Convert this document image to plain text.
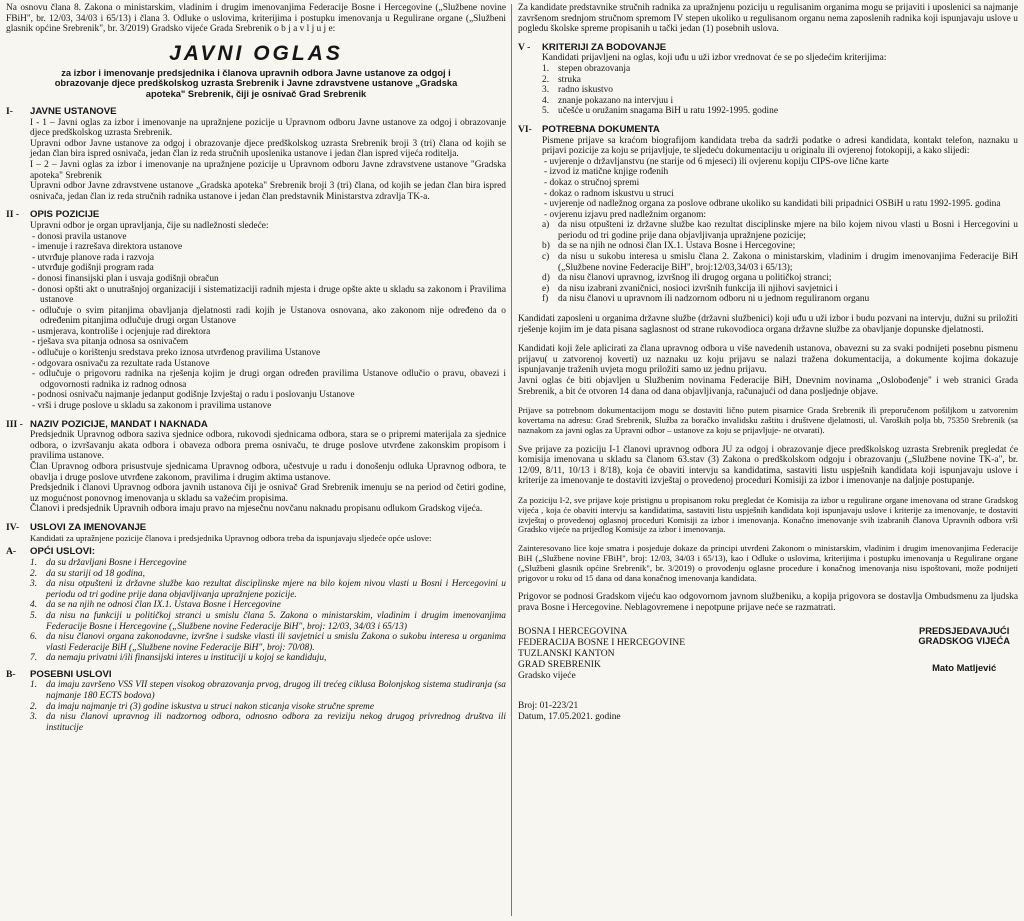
Na osnovu člana 8. Zakona o ministarskim, vladinim i drugim imenovanjima Federacije Bosne i Hercegovine („Službene novine FBiH", br. 12/03, 34/03 i 65/13) i člana 3. Odluke o uslovima, kriterijima i postupku imenovanja u Regulirane organe („Službeni glasnik općine Srebrenik", br. 3/2019) Gradsko vijeće Grada Srebrenik o b j a v l j u j e:

JAVNI OGLAS
za izbor i imenovanje predsjednika i članova upravnih odbora Javne ustanove za odgoj i obrazovanje djece predškolskog uzrasta Srebrenik i Javne zdravstvene ustanove „Gradska apoteka" Srebrenik, čiji je osnivač Grad Srebrenik
I-	JAVNE USTANOVE

I - 1 – Javni oglas za izbor i imenovanje na upražnjene pozicije u Upravnom odboru Javne ustanove za odgoj i obrazovanje djece predškolskog uzrasta Srebrenik.

Upravni odbor Javne ustanove za odgoj i obrazovanje djece predškolskog uzrasta Srebrenik broji 3 (tri) člana od kojih se jedan član bira ispred osnivača, jedan član iz reda stručnih uposlenika ustanove i jedan član ispred vijeća roditelja.

I – 2 – Javni oglas za izbor i imenovanje na upražnjene pozicije u Upravnom odboru Javne zdravstvene ustanove "Gradska apoteka" Srebrenik

Upravni odbor Javne zdravstvene ustanove „Gradska apoteka" Srebrenik broji 3 (tri) člana, od kojih se jedan član bira ispred osnivača, jedan član iz reda stručnih radnika ustanove i jedan član predstavnik Ministarstva zdravlja TK-a.

II -	OPIS POZICIJE

Upravni odbor je organ upravljanja, čije su nadležnosti sledeće:

- donosi pravila ustanove
- imenuje i razrešava direktora ustanove
- utvrđuje planove rada i razvoja
- utvrđuje godišnji program rada
- donosi finansijski plan i usvaja godišnji obračun
- donosi opšti akt o unutrašnjoj organizaciji i sistematizaciji radnih mjesta i druge opšte akte u skladu sa zakonom i Pravilima ustanove
- odlučuje o svim pitanjima obavljanja djelatnosti radi kojih je Ustanova osnovana, ako zakonom nije određeno da o određenim pitanjima odlučuje drugi organ Ustanove
- usmjerava, kontroliše i ocjenjuje rad direktora
- rješava sva pitanja odnosa sa osnivačem
- odlučuje o korištenju sredstava preko iznosa utvrđenog pravilima Ustanove
- odgovara osnivaču za rezultate rada Ustanove
- odlučuje o prigovoru radnika na rješenja kojim je drugi organ određen pravilima Ustanove odlučio o pravu, obavezi i odgovornosti radnika iz radnog odnosa
- podnosi osnivaču najmanje jedanput godišnje Izvještaj o radu i poslovanju Ustanove
- vrši i druge poslove u skladu sa zakonom i pravilima ustanove
III - NAZIV POZICIJE, MANDAT I NAKNADA

Predsjednik Upravnog odbora saziva sjednice odbora, rukovodi sjednicama odbora, stara se o pripremi materijala za sjednice odbora, o izvršavanju akata odbora i obaveza odbora prema osnivaču, te druge poslove utvrđene zakonskim propisom i pravilima ustanove.

Član Upravnog odbora prisustvuje sjednicama Upravnog odbora, učestvuje u radu i donošenju odluka Upravnog odbora, te obavlja i druge poslove utvrđene zakonom, pravilima i drugim aktima ustanove.

Predsjednik i članovi Upravnog odbora javnih ustanova čiji je osnivač Grad Srebrenik imenuju se na period od četiri godine, uz mogućnost ponovnog imenovanja u skladu sa važećim propisima.

Članovi i predsjednik Upravnih odbora imaju pravo na mjesečnu novčanu naknadu propisanu odlukom Gradskog vijeća.

IV-	USLOVI ZA IMENOVANJE

Kandidati za upražnjene pozicije članova i predsjednika Upravnog odbora treba da ispunjavaju sljedeće opće uslove:

A-	OPĆI USLOVI:
1. da su državljani Bosne i Hercegovine
2. da su stariji od 18 godina,
3. da nisu otpušteni iz državne službe kao rezultat disciplinske mjere na bilo kojem nivou vlasti u Bosni i Hercegovini u periodu od tri godine prije dana objavljivanja upražnjene pozicije.
4. da se na njih ne odnosi član IX.1. Ustava Bosne i Hercegovine
5. da nisu na funkciji u političkoj stranci u smislu člana 5. Zakona o ministarskim, vladinim i drugim imenovanjima Federacije Bosne i Hercegovine („Službene novine Federacije BiH", broj: 12/03, 34/03 i 65/13)
6. da nisu članovi organa zakonodavne, izvršne i sudske vlasti ili savjetnici u smislu Zakona o sukobu interesa u organima vlasti Federacije BiH („Službene novine Federacije BiH", broj: 70/08).
7. da nemaju privatni i/ili finansijski interes u instituciji u kojoj se kandiduju,
B-	POSEBNI USLOVI
1. da imaju završeno VSS VII stepen visokog obrazovanja prvog, drugog ili trećeg ciklusa Bolonjskog sistema studiranja (sa najmanje 180 ECTS bodova)
2. da imaju najmanje tri (3) godine iskustva u struci nakon sticanja visoke stručne spreme
3. da nisu članovi upravnog ili nadzornog odbora, odnosno odbora za reviziju nekog drugog privrednog društva ili institucije

Za kandidate predstavnike stručnih radnika za upražnjenu poziciju u regulisanim organima mogu se prijaviti i uposlenici sa najmanje završenom srednjom stručnom spremom IV stepen ukoliko u regulisanom organu nema zaposlenih radnika koji ispunjavaju uslove u pogledu školske spreme propisanih u tački jedan (1) posebnih uslova.

V -	KRITERIJI ZA BODOVANJE

Kandidati prijavljeni na oglas, koji uđu u uži izbor vrednovat će se po sljedećim kriterijima:

1. stepen obrazovanja
2. struka
3. radno iskustvo
4. znanje pokazano na intervjuu i
5. učešće u oružanim snagama BiH u ratu 1992-1995. godine
VI-	POTREBNA DOKUMENTA

Pismene prijave sa kraćom biografijom kandidata treba da sadrži podatke o adresi kandidata, kontakt telefon, naznaku u prijavi pozicije za koju se prijavljuje, te sljedeću dokumentaciju u originalu ili ovjerenoj fotokopiji, a kako slijedi:

- uvjerenje o državljanstvu (ne starije od 6 mjeseci) ili ovjerenu kopiju CIPS-ove lične karte
- izvod iz matične knjige rođenih
- dokaz o stručnoj spremi
- dokaz o radnom iskustvu u struci
- uvjerenje od nadležnog organa za poslove odbrane ukoliko su kandidati bili pripadnici OSBiH u ratu 1992-1995. godina
- ovjerenu izjavu pred nadležnim organom:
a) da nisu otpušteni iz državne službe kao rezultat disciplinske mjere na bilo kojem nivou vlasti u Bosni i Hercegovini u periodu od tri godine prije dana objavljivanja upražnjene pozicije;
b) da se na njih ne odnosi član IX.1. Ustava Bosne i Hercegovine;
c) da nisu u sukobu interesa u smislu člana 2. Zakona o ministarskim, vladinim i drugim imenovanjima Federacije BiH („Službene novine Federacije BiH", broj:12/03,34/03 i 65/13);
d) da nisu članovi upravnog, izvršnog ili drugog organa u političkoj stranci;
e) da nisu izabrani zvaničnici, nosioci izvršnih funkcija ili njihovi savjetnici i
f)	da nisu članovi u upravnom ili nadzornom odboru ni u jednom reguliranom organu

Kandidati zaposleni u organima državne službe (državni službenici) koji uđu u uži izbor i budu pozvani na intervju, dužni su priložiti rješenje kojim im je data pisana saglasnost od strane rukovodioca organa državne službe za obavljanje dopunske djelatnosti.

Kandidati koji žele aplicirati za člana upravnog odbora u više navedenih ustanova, obavezni su za svaki podnijeti posebnu pismenu prijavu( u zatvorenoj koverti) uz naznaku uz koju prijavu se nalazi tražena dokumentacija, a dokumente kojima dokazuje ispunjavanje traženih uvjeta mogu priložiti samo uz jednu prijavu.

Javni oglas će biti objavljen u Službenim novinama Federacije BiH, Dnevnim novinama „Oslobođenje" i web stranici Grada Srebrenik, a bit će otvoren 14 dana od dana objavljivanja, računajući od dana posljednje objave.

Prijave sa potrebnom dokumentacijom mogu se dostaviti lično putem pisarnice Grada Srebrenik ili preporučenom pošiljkom u zatvorenim kovertama na adresu: Grad Srebrenik, Služba za boračko invalidsku zaštitu i društvene djelatnosti, ul. Varoških polja bb, 75350 Srebrenik (sa naznakom za javni oglas za Upravni odbor – ustanove za koju se prijavljuje- ne otvarati).

Sve prijave za poziciju I-1 članovi upravnog odbora JU za odgoj i obrazovanje djece predškolskog uzrasta Srebrenik pregledat će komisija imenovana u skladu sa članom 63.stav (3) Zakona o predškolskom odgoju i obrazovanju („Službene novine TK-a", br. 12/09, 8/11, 10/13 i 8/18), koja će obaviti intervju sa kandidatima, sastaviti listu uspješnih kandidata koji ispunjavaju uslove i kriterije za imenovanje te dostaviti izvještaj o provedenoj proceduri Komisiji za izbor i imenovanje na daljnje postupanje.

Za poziciju I-2, sve prijave koje pristignu u propisanom roku pregledat će Komisija za izbor u regulirane organe imenovana od strane Gradskog vijeća , koja će obaviti intervju sa kandidatima, sastaviti listu uspješnih kandidata koji ispunjavaju uslove i kriterije za imenovanje, te dostaviti izvještaj o provedenoj oglasnoj proceduri Komisiji za izbor i imenovanja. Konačno imenovanje svih izabranih članova Upravnih odbora vrši Gradsko vijeće na prijedlog Komisije za izbor i imenovanja.

Zainteresovano lice koje smatra i posjeduje dokaze da principi utvrđeni Zakonom o ministarskim, vladinim i drugim imenovanjima Federacije BiH („Službene novine FBiH", broj: 12/03, 34/03 i 65/13), kao i Odluke o uslovima, kriterijima i postupku imenovanja u Regulirane organe („Službeni glasnik općine Srebrenik", br. 3/2019) o provođenju oglasne procedure i konačnog imenovanja nisu ispoštovani, može podnijeti prigovor u roku od 15 dana od dana konačnog imenovanja kandidata.

Prigovor se podnosi Gradskom vijeću kao odgovornom javnom službeniku, a kopija prigovora se dostavlja Ombudsmenu za ljudska prava Bosne i Hercegovine. Neblagovremene i nepotpune prijave neće se razmatrati.

BOSNA I HERCEGOVINA
FEDERACIJA BOSNE I HERCEGOVINE
TUZLANSKI KANTON
GRAD SREBRENIK
Gradsko vijeće
PREDSJEDAVAJUĆI
GRADSKOG VIJEĆA
Mato Matljević
Broj: 01-223/21
Datum, 17.05.2021. godine
